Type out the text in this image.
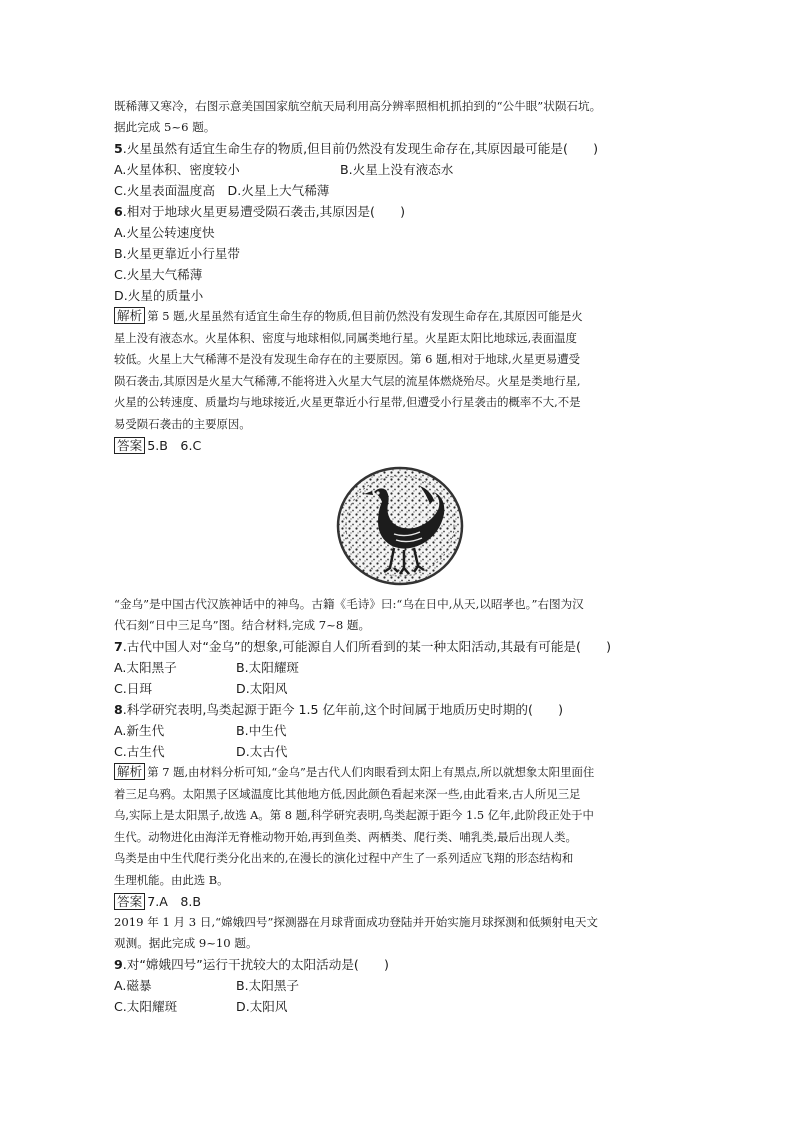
既稀薄又寒冷，右图示意美国国家航空航天局利用高分辨率照相机抓拍到的“公牛眼”状陨石坑。
据此完成 5~6 题。
5.火星虽然有适宜生命生存的物质,但目前仍然没有发现生命存在,其原因最可能是(　　)
A.火星体积、密度较小	B.火星上没有液态水
C.火星表面温度高　D.火星上大气稀薄
6.相对于地球火星更易遭受陨石袭击,其原因是(　　)
A.火星公转速度快
B.火星更靠近小行星带
C.火星大气稀薄
D.火星的质量小
解析 第 5 题,火星虽然有适宜生命生存的物质,但目前仍然没有发现生命存在,其原因可能是火
星上没有液态水。火星体积、密度与地球相似,同属类地行星。火星距太阳比地球远,表面温度
较低。火星上大气稀薄不是没有发现生命存在的主要原因。第 6 题,相对于地球,火星更易遭受
陨石袭击,其原因是火星大气稀薄,不能将进入火星大气层的流星体燃烧殆尽。火星是类地行星,
火星的公转速度、质量均与地球接近,火星更靠近小行星带,但遭受小行星袭击的概率不大,不是
易受陨石袭击的主要原因。
答案 5.B　6.C
“金乌”是中国古代汉族神话中的神鸟。古籍《毛诗》曰:“乌在日中,从天,以昭孝也。”右图为汉
代石刻“日中三足乌”图。结合材料,完成 7~8 题。
7.古代中国人对“金乌”的想象,可能源自人们所看到的某一种太阳活动,其最有可能是(　　)
A.太阳黑子	B.太阳耀斑
C.日珥	D.太阳风
8.科学研究表明,鸟类起源于距今 1.5 亿年前,这个时间属于地质历史时期的(　　)
A.新生代	B.中生代
C.古生代	D.太古代
解析 第 7 题,由材料分析可知,“金乌”是古代人们肉眼看到太阳上有黑点,所以就想象太阳里面住
着三足乌鸦。太阳黑子区域温度比其他地方低,因此颜色看起来深一些,由此看来,古人所见三足
乌,实际上是太阳黑子,故选 A。第 8 题,科学研究表明,鸟类起源于距今 1.5 亿年,此阶段正处于中
生代。动物进化由海洋无脊椎动物开始,再到鱼类、两栖类、爬行类、哺乳类,最后出现人类。
鸟类是由中生代爬行类分化出来的,在漫长的演化过程中产生了一系列适应飞翔的形态结构和
生理机能。由此选 B。
答案 7.A　8.B
2019 年 1 月 3 日,“嫦娥四号”探测器在月球背面成功登陆并开始实施月球探测和低频射电天文
观测。据此完成 9~10 题。
9.对“嫦娥四号”运行干扰较大的太阳活动是(　　)
A.磁暴	B.太阳黑子
C.太阳耀斑	D.太阳风
